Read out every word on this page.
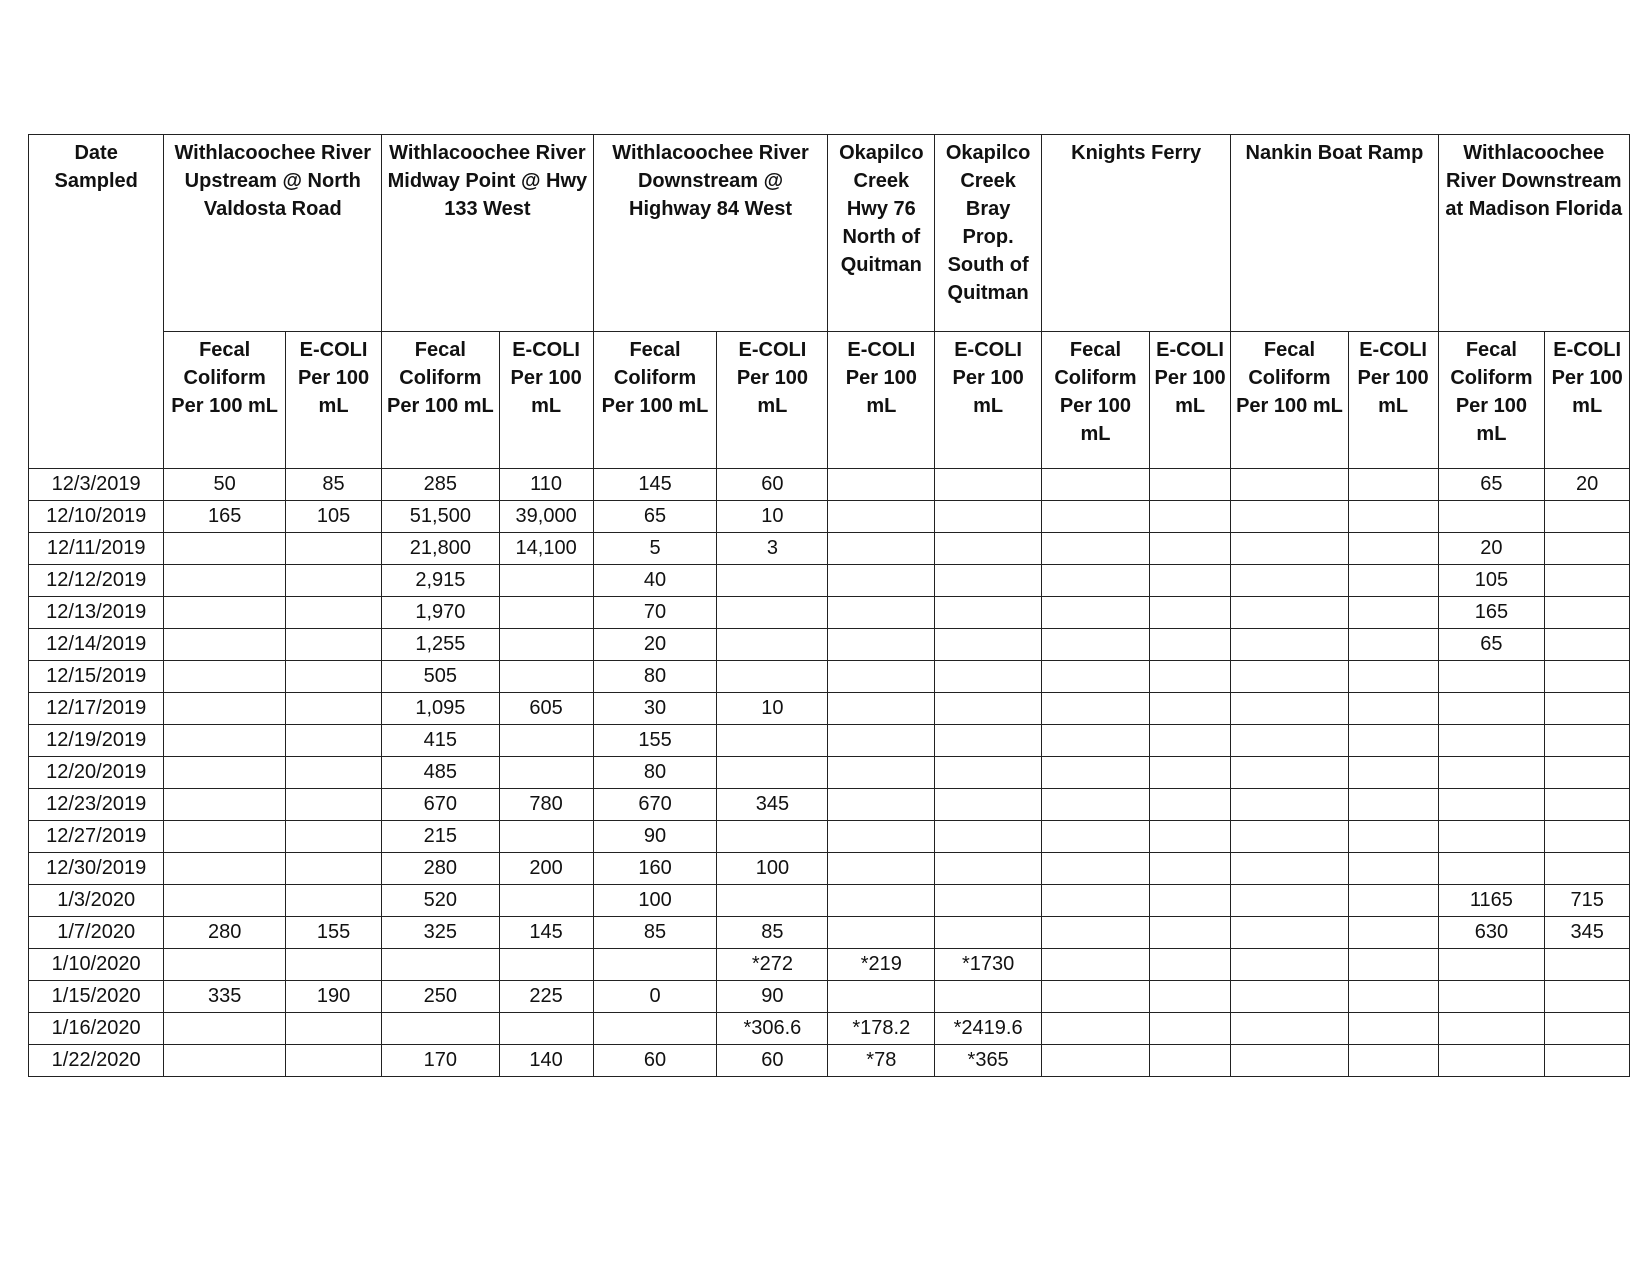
Date Sampled	Withlacoochee River Upstream @ North Valdosta Road		Withlacoochee River Midway Point @ Hwy 133 West		Withlacoochee River Downstream @ Highway 84 West		Okapilco Creek Hwy 76 North of Quitman	Okapilco Creek Bray Prop. South of Quitman	Knights Ferry		Nankin Boat Ramp		Withlacoochee River Downstream at Madison Florida	
	Fecal Coliform Per 100 mL	E-COLI Per 100 mL	Fecal Coliform Per 100 mL	E-COLI Per 100 mL	Fecal Coliform Per 100 mL	E-COLI Per 100 mL	E-COLI Per 100 mL	E-COLI Per 100 mL	Fecal Coliform Per 100 mL	E-COLI Per 100 mL	Fecal Coliform Per 100 mL	E-COLI Per 100 mL	Fecal Coliform Per 100 mL	E-COLI Per 100 mL
12/3/2019	50	85	285	110	145	60							65	20
12/10/2019	165	105	51,500	39,000	65	10								
12/11/2019			21,800	14,100	5	3							20	
12/12/2019			2,915		40								105	
12/13/2019			1,970		70								165	
12/14/2019			1,255		20								65	
12/15/2019			505		80									
12/17/2019			1,095	605	30	10								
12/19/2019			415		155									
12/20/2019			485		80									
12/23/2019			670	780	670	345								
12/27/2019			215		90									
12/30/2019			280	200	160	100								
1/3/2020			520		100								1165	715
1/7/2020	280	155	325	145	85	85							630	345
1/10/2020						*272	*219	*1730						
1/15/2020	335	190	250	225	0	90								
1/16/2020						*306.6	*178.2	*2419.6						
1/22/2020			170	140	60	60	*78	*365						
